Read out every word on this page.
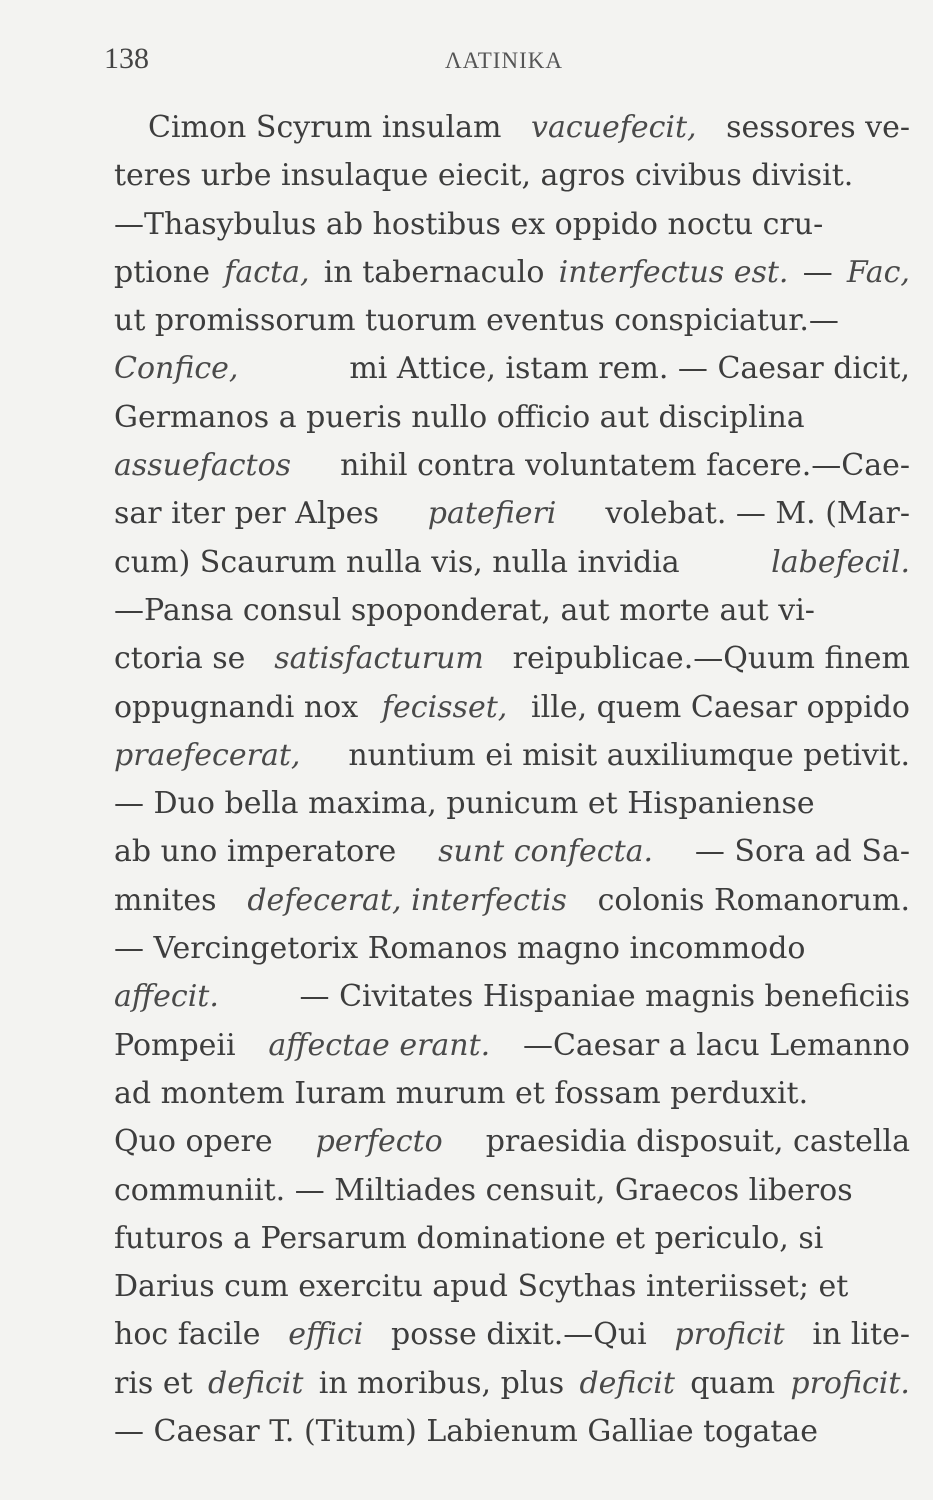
138	ΛΑΤΙΝΙΚΑ
Cimon Scyrum insulam vacuefecit, sessores ve-
teres urbe insulaque eiecit, agros civibus divisit.
—Thasybulus ab hostibus ex oppido noctu cru-
ptione facta, in tabernaculo interfectus est. — Fac,
ut promissorum tuorum eventus conspiciatur.—
Confice,	mi Attice, istam rem. — Caesar dicit,
Germanos a pueris nullo officio aut disciplina
assuefactos nihil contra voluntatem facere.—Cae-
sar iter per Alpes patefieri volebat. — M. (Mar-
cum) Scaurum nulla vis, nulla invidia	labefecil.
—Pansa consul spoponderat, aut morte aut vi-
ctoria se satisfacturum reipublicae.—Quum finem
oppugnandi nox fecisset, ille, quem Caesar oppido
praefecerat, nuntium ei misit auxiliumque petivit.
— Duo bella maxima, punicum et Hispaniense
ab uno imperatore sunt confecta. — Sora ad Sa-
mnites defecerat, interfectis colonis Romanorum.
— Vercingetorix Romanos magno incommodo
affecit.	— Civitates Hispaniae magnis beneficiis
Pompeii affectae erant. —Caesar a lacu Lemanno
ad montem Iuram murum et fossam perduxit.
Quo opere perfecto praesidia disposuit, castella
communiit. — Miltiades censuit, Graecos liberos
futuros a Persarum dominatione et periculo, si
Darius cum exercitu apud Scythas interiisset; et
hoc facile effici posse dixit.—Qui proficit in lite-
ris et deficit in moribus, plus deficit quam proficit.
— Caesar T. (Titum) Labienum Galliae togatae
